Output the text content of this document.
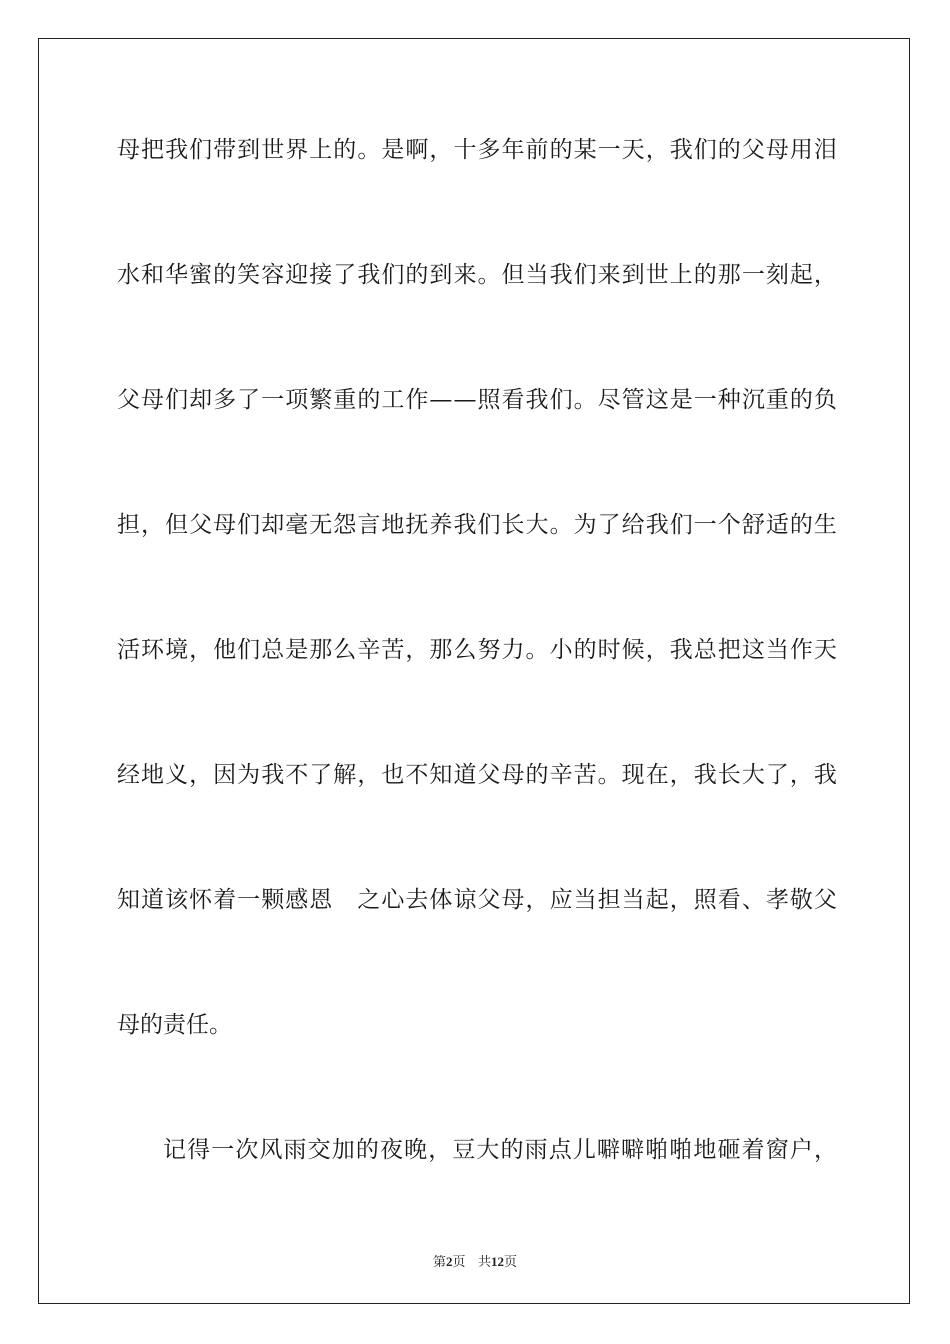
母 把 我 们 带 到 世 界 上 的 。 是 啊 ， 十 多 年 前 的 某 一 天 ， 我 们 的 父 母 用 泪
水 和 华 蜜 的 笑 容 迎 接 了 我 们 的 到 来 。 但 当 我 们 来 到 世 上 的 那 一 刻 起 ，
父 母 们 却 多 了 一 项 繁 重 的 工 作 — — 照 看 我 们 。 尽 管 这 是 一 种 沉 重 的 负
担 ， 但 父 母 们 却 毫 无 怨 言 地 抚 养 我 们 长 大 。 为 了 给 我 们 一 个 舒 适 的 生
活 环 境 ， 他 们 总 是 那 么 辛 苦 ， 那 么 努 力 。 小 的 时 候 ， 我 总 把 这 当 作 天
经 地 义 ， 因 为 我 不 了 解 ， 也 不 知 道 父 母 的 辛 苦 。 现 在 ， 我 长 大 了 ， 我
知 道 该 怀 着 一 颗 感 恩
　 之 心 去 体 谅 父 母 ， 应 当 担 当 起 ， 照 看 、 孝 敬 父
母的责任。
记 得 一 次 风 雨 交 加 的 夜 晚 ， 豆 大 的 雨 点 儿 噼 噼 啪 啪 地 砸 着 窗 户 ，
第2页 共12页
